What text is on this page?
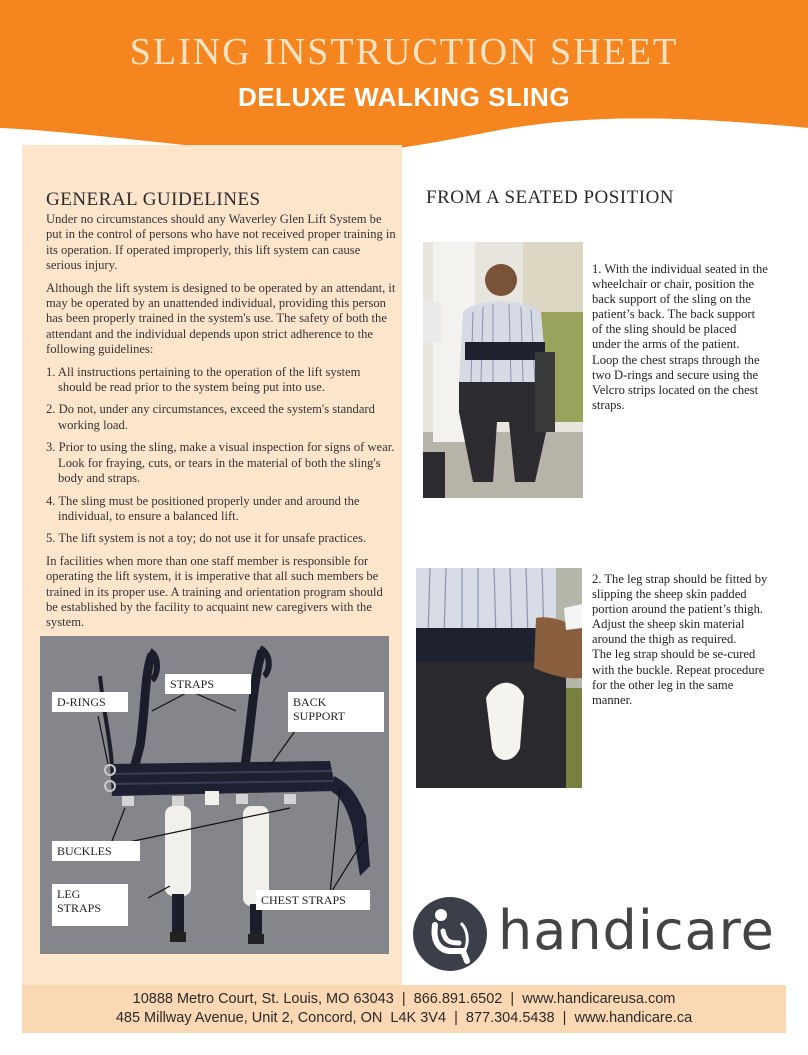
SLING INSTRUCTION SHEET
DELUXE WALKING SLING
GENERAL GUIDELINES

Under no circumstances should any Waverley Glen Lift System be put in the control of persons who have not received proper training in its operation. If operated improperly, this lift system can cause serious injury.

Although the lift system is designed to be operated by an attendant, it may be operated by an unattended individual, providing this person has been properly trained in the system's use. The safety of both the attendant and the individual depends upon strict adherence to the following guidelines:

1. All instructions pertaining to the operation of the lift system should be read prior to the system being put into use.
2. Do not, under any circumstances, exceed the system's standard working load.
3. Prior to using the sling, make a visual inspection for signs of wear. Look for fraying, cuts, or tears in the material of both the sling's body and straps.
4. The sling must be positioned properly under and around the individual, to ensure a balanced lift.
5. The lift system is not a toy; do not use it for unsafe practices.

In facilities when more than one staff member is responsible for operating the lift system, it is imperative that all such members be trained in its proper use. A training and orientation program should be established by the facility to acquaint new caregivers with the system.

D-RINGS
STRAPS
BACK SUPPORT
BUCKLES
LEG STRAPS
CHEST STRAPS
FROM A SEATED POSITION
1. With the individual seated in the wheelchair or chair, position the back support of the sling on the patient’s back. The back support of the sling should be placed under the arms of the patient. Loop the chest straps through the two D-rings and secure using the Velcro strips located on the chest straps.
2. The leg strap should be fitted by slipping the sheep skin padded portion around the patient’s thigh. Adjust the sheep skin material around the thigh as required.
The leg strap should be se-cured with the buckle. Repeat procedure for the other leg in the same manner.
handicare
10888 Metro Court, St. Louis, MO 63043  |  866.891.6502  |  www.handicareusa.com
485 Millway Avenue, Unit 2, Concord, ON  L4K 3V4  |  877.304.5438  |  www.handicare.ca
